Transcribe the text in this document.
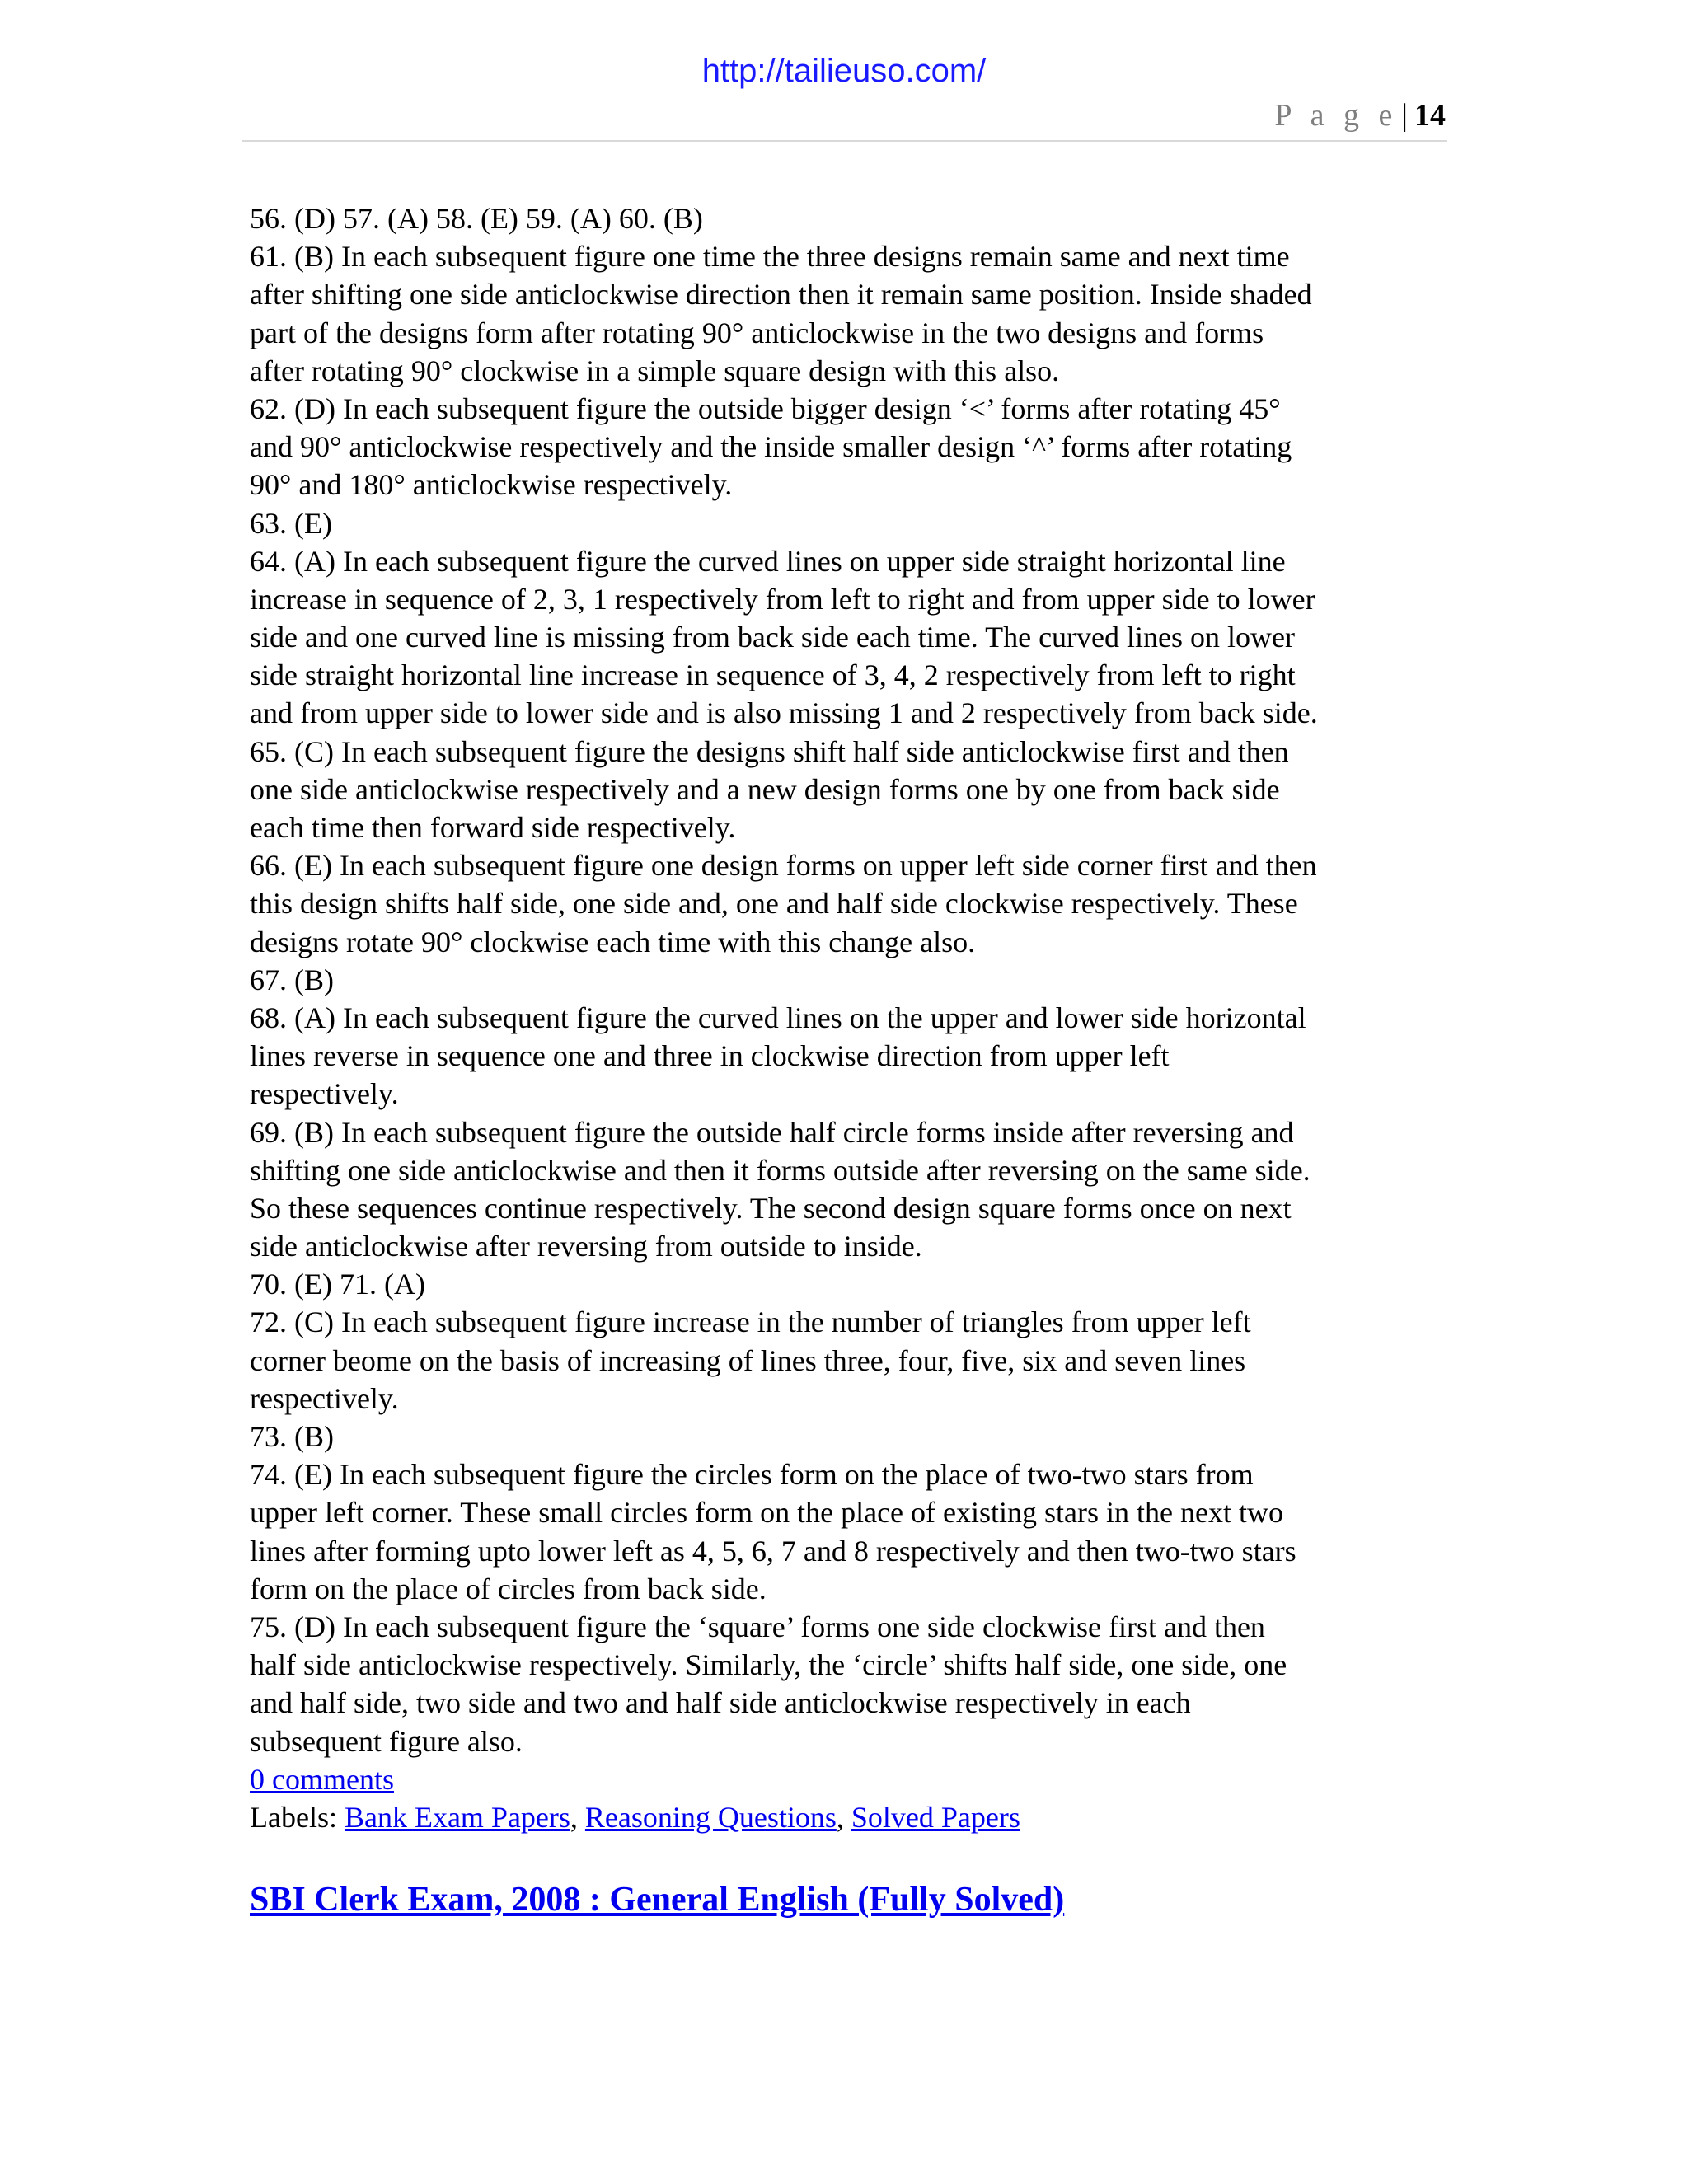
http://tailieuso.com/
P a g e | 14
56. (D) 57. (A) 58. (E) 59. (A) 60. (B)
61. (B) In each subsequent figure one time the three designs remain same and next time
after shifting one side anticlockwise direction then it remain same position. Inside shaded
part of the designs form after rotating 90° anticlockwise in the two designs and forms
after rotating 90° clockwise in a simple square design with this also.
62. (D) In each subsequent figure the outside bigger design ‘<’ forms after rotating 45°
and 90° anticlockwise respectively and the inside smaller design ‘^’ forms after rotating
90° and 180° anticlockwise respectively.
63. (E)
64. (A) In each subsequent figure the curved lines on upper side straight horizontal line
increase in sequence of 2, 3, 1 respectively from left to right and from upper side to lower
side and one curved line is missing from back side each time. The curved lines on lower
side straight horizontal line increase in sequence of 3, 4, 2 respectively from left to right
and from upper side to lower side and is also missing 1 and 2 respectively from back side.
65. (C) In each subsequent figure the designs shift half side anticlockwise first and then
one side anticlockwise respectively and a new design forms one by one from back side
each time then forward side respectively.
66. (E) In each subsequent figure one design forms on upper left side corner first and then
this design shifts half side, one side and, one and half side clockwise respectively. These
designs rotate 90° clockwise each time with this change also.
67. (B)
68. (A) In each subsequent figure the curved lines on the upper and lower side horizontal
lines reverse in sequence one and three in clockwise direction from upper left
respectively.
69. (B) In each subsequent figure the outside half circle forms inside after reversing and
shifting one side anticlockwise and then it forms outside after reversing on the same side.
So these sequences continue respectively. The second design square forms once on next
side anticlockwise after reversing from outside to inside.
70. (E) 71. (A)
72. (C) In each subsequent figure increase in the number of triangles from upper left
corner beome on the basis of increasing of lines three, four, five, six and seven lines
respectively.
73. (B)
74. (E) In each subsequent figure the circles form on the place of two-two stars from
upper left corner. These small circles form on the place of existing stars in the next two
lines after forming upto lower left as 4, 5, 6, 7 and 8 respectively and then two-two stars
form on the place of circles from back side.
75. (D) In each subsequent figure the ‘square’ forms one side clockwise first and then
half side anticlockwise respectively. Similarly, the ‘circle’ shifts half side, one side, one
and half side, two side and two and half side anticlockwise respectively in each
subsequent figure also.
0 comments
Labels: Bank Exam Papers, Reasoning Questions, Solved Papers
SBI Clerk Exam, 2008 : General English (Fully Solved)
